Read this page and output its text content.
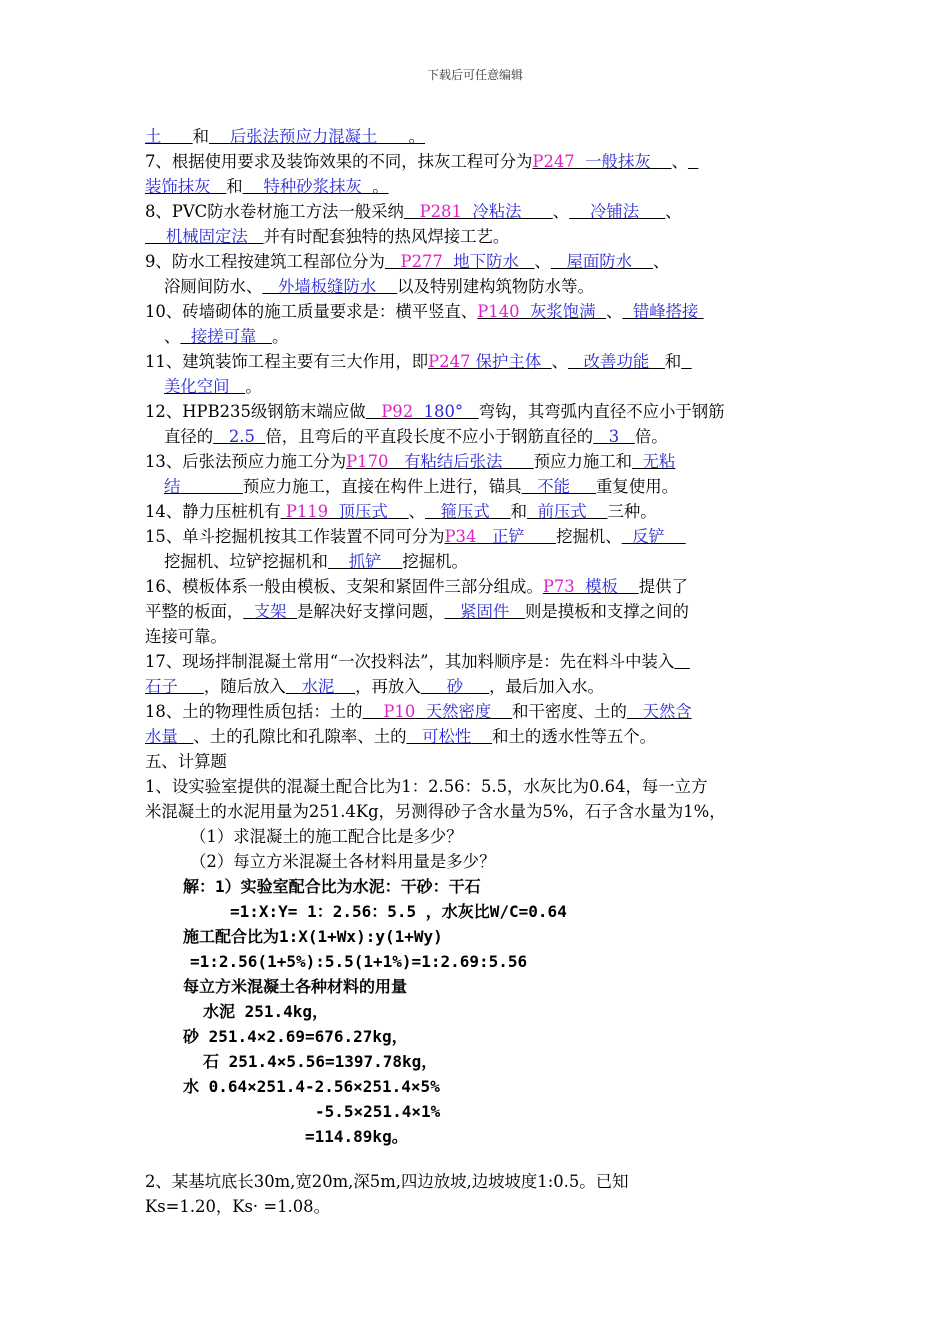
下载后可任意编辑
土 和 后张法预应力混凝土      。
7、根据使用要求及装饰效果的不同，抹灰工程可分为P247 一般抹灰 、
装饰抹灰 和 特种砂浆抹灰  。
8、PVC防水卷材施工方法一般采纳 P281 冷粘法 、 冷铺法 、
机械固定法 并有时配套独特的热风焊接工艺。
9、防水工程按建筑工程部位分为 P277 地下防水 、 屋面防水 、
浴厕间防水、 外墙板缝防水 以及特别建构筑物防水等。
10、砖墙砌体的施工质量要求是：横平竖直、P140 灰浆饱满 、 错峰搭接
、 接搓可靠 。
11、建筑装饰工程主要有三大作用，即P247 保护主体 、 改善功能 和
美化空间 。
12、HPB235级钢筋末端应做 P92 180° 弯钩，其弯弧内直径不应小于钢筋
直径的 2.5 倍，且弯后的平直段长度不应小于钢筋直径的 3 倍。
13、后张法预应力施工分为P170 有粘结后张法 预应力施工和 无粘
结	预应力施工，直接在构件上进行，锚具 不能 重复使用。
14、静力压桩机有 P119 顶压式 、 箍压式 和 前压式 三种。
15、单斗挖掘机按其工作装置不同可分为P34 正铲 挖掘机、 反铲
挖掘机、垃铲挖掘机和 抓铲 挖掘机。
16、模板体系一般由模板、支架和紧固件三部分组成。P73 模板 提供了
平整的板面， 支架 是解决好支撑问题， 紧固件 则是摸板和支撑之间的
连接可靠。
17、现场拌制混凝土常用“一次投料法”，其加料顺序是：先在料斗中装入
石子 ，随后放入 水泥 ，再放入 砂 ，最后加入水。
18、土的物理性质包括：土的 P10 天然密度 和干密度、土的 天然含
水量 、土的孔隙比和孔隙率、土的 可松性 和土的透水性等五个。
五、计算题
1、设实验室提供的混凝土配合比为1：2.56：5.5，水灰比为0.64，每一立方
米混凝土的水泥用量为251.4Kg，另测得砂子含水量为5%，石子含水量为1%，
（1）求混凝土的施工配合比是多少？
（2）每立方米混凝土各材料用量是多少？
解：1）实验室配合比为水泥：干砂：干石
=1:X:Y= 1：2.56：5.5 ，水灰比W/C=0.64
施工配合比为1:X(1+Wx):y(1+Wy)
=1:2.56(1+5%):5.5(1+1%)=1:2.69:5.56
每立方米混凝土各种材料的用量
水泥 251.4kg，
砂 251.4×2.69=676.27kg，
石 251.4×5.56=1397.78kg，
水 0.64×251.4-2.56×251.4×5%
-5.5×251.4×1%
=114.89kg。
2、某基坑底长30m,宽20m,深5m,四边放坡,边坡坡度1:0.5。已知
Ks=1.20，Ks· =1.08。
